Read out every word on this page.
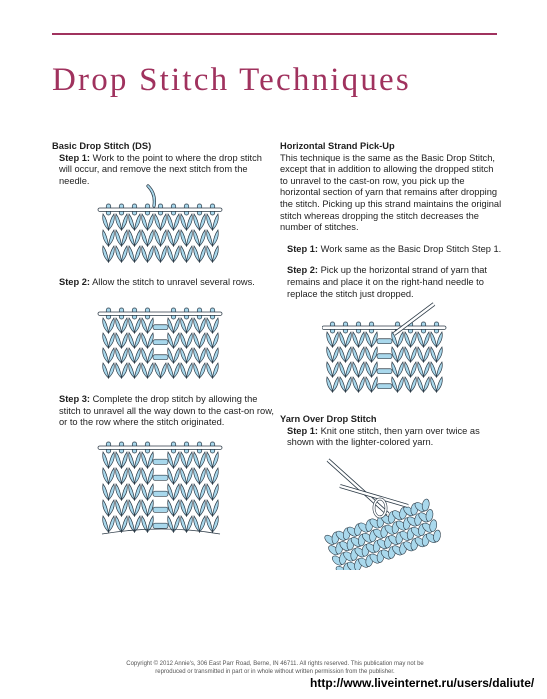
Drop Stitch Techniques

Basic Drop Stitch (DS)

Step 1: Work to the point to where the drop stitch will occur, and remove the next stitch from the needle.

Step 2: Allow the stitch to unravel several rows.

Step 3: Complete the drop stitch by allowing the stitch to unravel all the way down to the cast-on row, or to the row where the stitch originated.

Horizontal Strand Pick-Up

This technique is the same as the Basic Drop Stitch, except that in addition to allowing the dropped stitch to unravel to the cast-on row, you pick up the horizontal section of yarn that remains after dropping the stitch. Picking up this strand maintains the original stitch whereas dropping the stitch decreases the number of stitches.

Step 1: Work same as the Basic Drop Stitch Step 1.

Step 2: Pick up the horizontal strand of yarn that remains and place it on the right-hand needle to replace the stitch just dropped.

Yarn Over Drop Stitch

Step 1: Knit one stitch, then yarn over twice as shown with the lighter-colored yarn.

Copyright © 2012 Annie's, 306 East Parr Road, Berne, IN 46711. All rights reserved. This publication may not be
reproduced or transmitted in part or in whole without written permission from the publisher.
http://www.liveinternet.ru/users/daliute/
